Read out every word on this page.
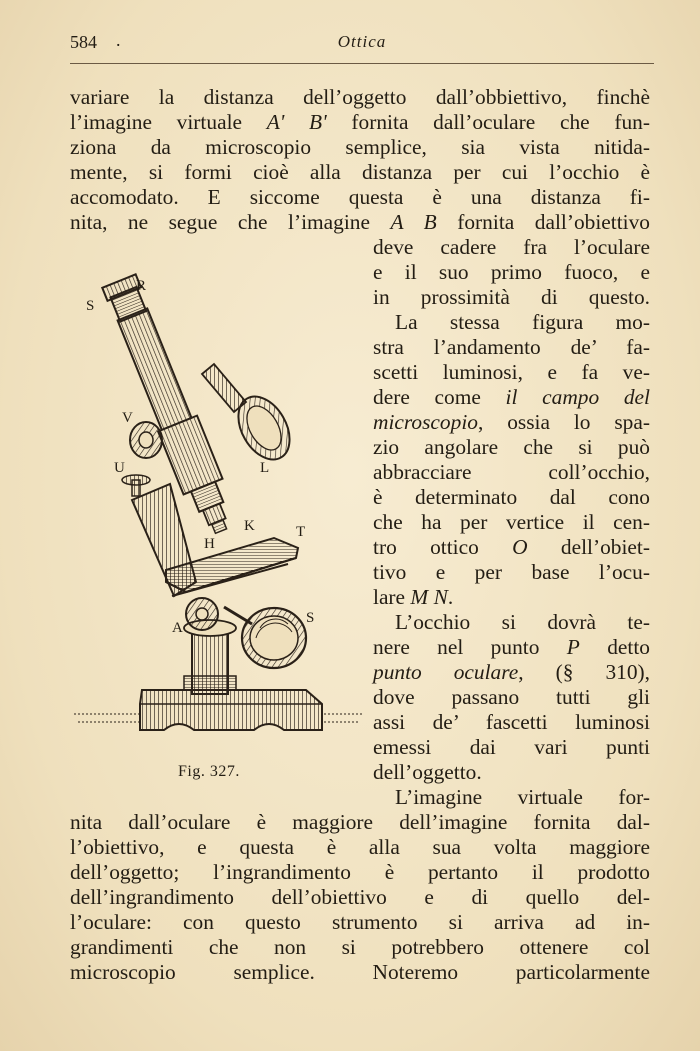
584 .	Ottica
variare la distanza dell’oggetto dall’obbiettivo, finchè
l’imagine virtuale A' B' fornita dall’oculare che fun-
ziona da microscopio semplice, sia vista nitida-
mente, si formi cioè alla distanza per cui l’occhio è
accomodato. E siccome questa è una distanza fi-
nita, ne segue che l’imagine A B fornita dall’obiettivo
deve cadere fra l’oculare
e il suo primo fuoco, e
in prossimità di questo.
La stessa figura mo-
stra l’andamento de’ fa-
scetti luminosi, e fa ve-
dere come il campo del
microscopio, ossia lo spa-
zio angolare che si può
abbracciare coll’occhio,
è determinato dal cono
che ha per vertice il cen-
tro ottico O dell’obiet-
tivo e per base l’ocu-
lare M N.
L’occhio si dovrà te-
nere nel punto P detto
punto oculare, (§ 310),
dove passano tutti gli
assi de’ fascetti luminosi
emessi dai vari punti
dell’oggetto.
L’imagine virtuale for-
nita dall’oculare è maggiore dell’imagine fornita dal-
l’obiettivo, e questa è alla sua volta maggiore
dell’oggetto; l’ingrandimento è pertanto il prodotto
dell’ingrandimento dell’obiettivo e di quello del-
l’oculare: con questo strumento si arriva ad in-
grandimenti che non si potrebbero ottenere col
microscopio semplice. Noteremo particolarmente
R
S
V
U	L
K	T
H
A
S
Fig. 327.
